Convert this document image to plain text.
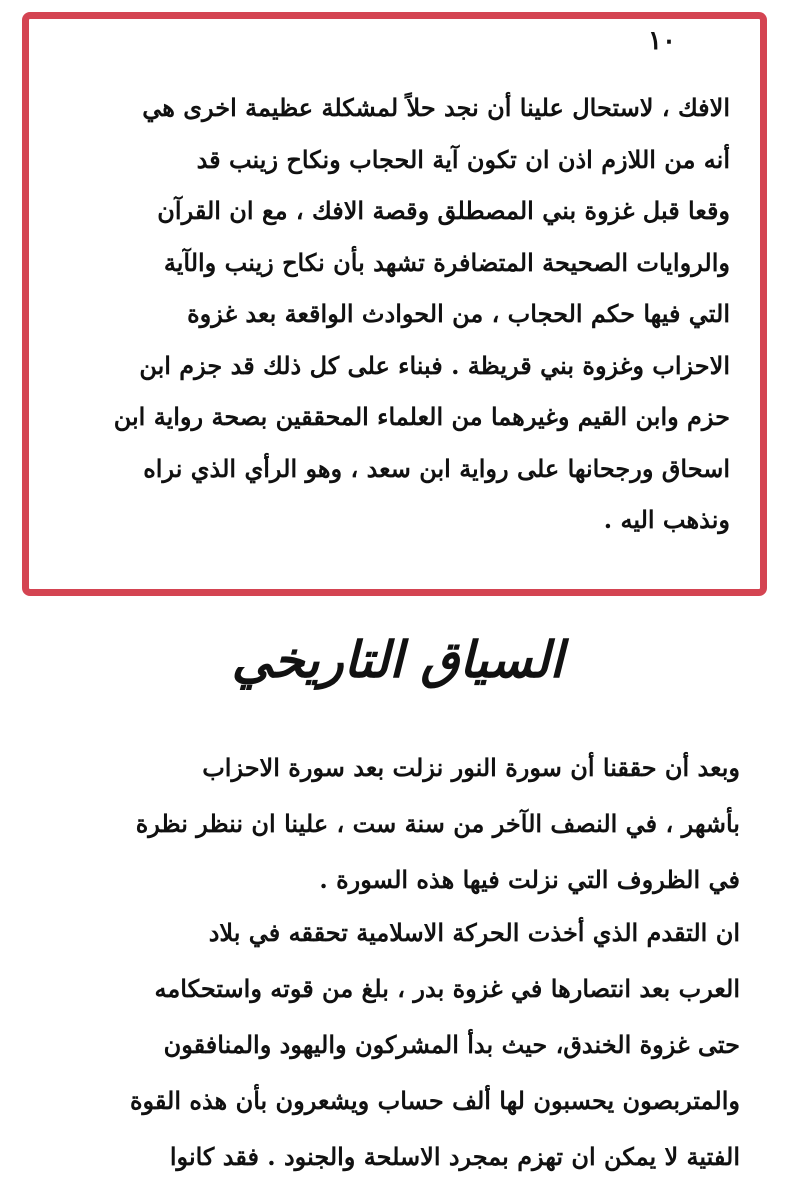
١٠
الافك ، لاستحال علينا أن نجد حلاً لمشكلة عظيمة اخرى هي
أنه من اللازم اذن ان تكون آية الحجاب ونكاح زينب قد
وقعا قبل غزوة بني المصطلق وقصة الافك ، مع ان القرآن
والروايات الصحيحة المتضافرة تشهد بأن نكاح زينب والآية
التي فيها حكم الحجاب ، من الحوادث الواقعة بعد غزوة
الاحزاب وغزوة بني قريظة . فبناء على كل ذلك قد جزم ابن
حزم وابن القيم وغيرهما من العلماء المحققين بصحة رواية ابن
اسحاق ورجحانها على رواية ابن سعد ، وهو الرأي الذي نراه
ونذهب اليه .
السياق التاريخي
وبعد أن حققنا أن سورة النور نزلت بعد سورة الاحزاب
بأشهر ، في النصف الآخر من سنة ست ، علينا ان ننظر نظرة
في الظروف التي نزلت فيها هذه السورة .
ان التقدم الذي أخذت الحركة الاسلامية تحققه في بلاد
العرب بعد انتصارها في غزوة بدر ، بلغ من قوته واستحكامه
حتى غزوة الخندق، حيث بدأ المشركون واليهود والمنافقون
والمتربصون يحسبون لها ألف حساب ويشعرون بأن هذه القوة
الفتية لا يمكن ان تهزم بمجرد الاسلحة والجنود . فقد كانوا
